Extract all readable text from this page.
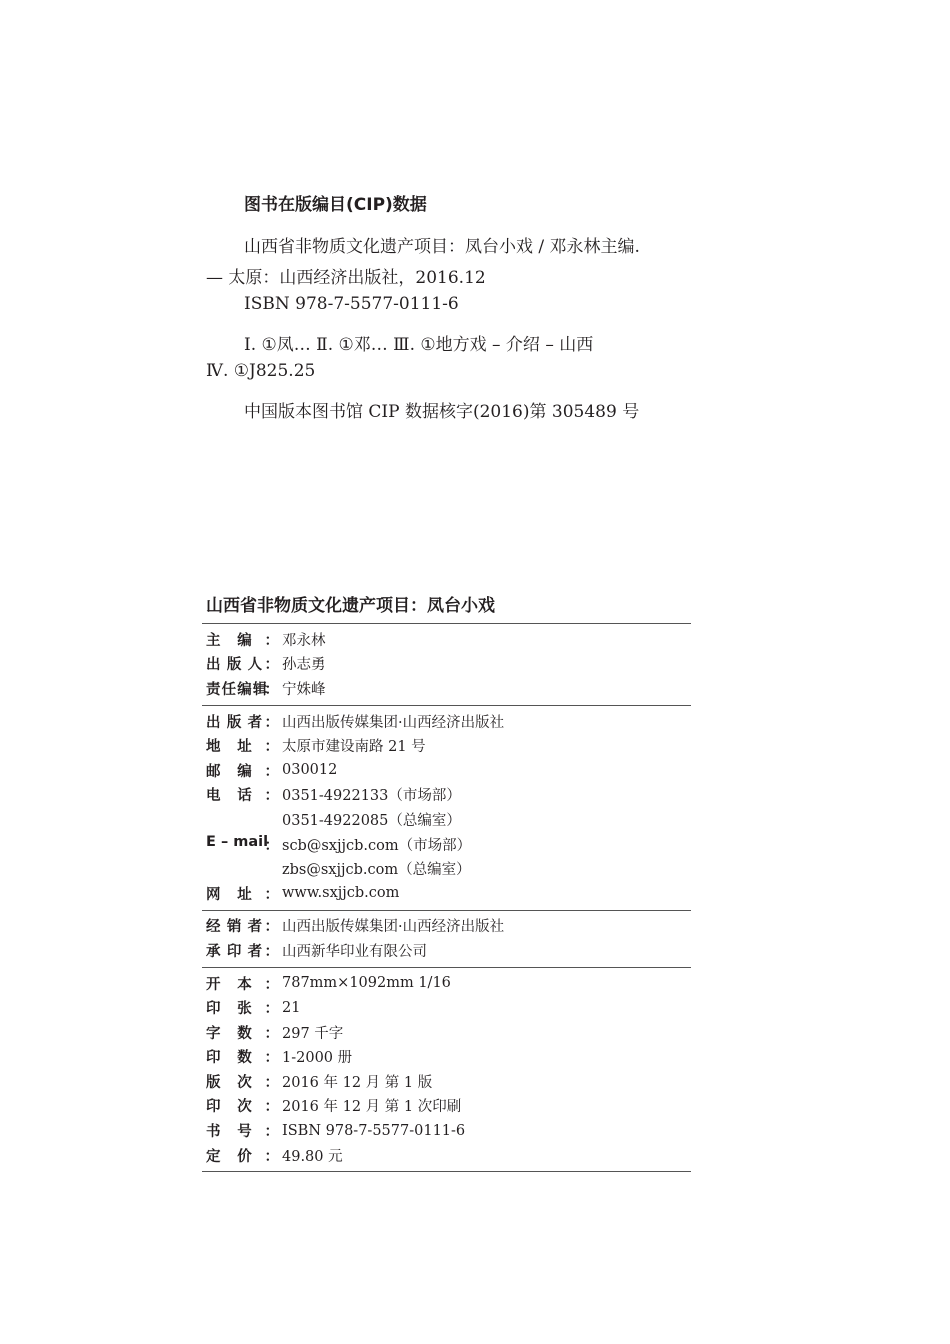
图书在版编目(CIP)数据
山西省非物质文化遗产项目：凤台小戏 / 邓永林主编.
— 太原：山西经济出版社，2016.12
ISBN 978-7-5577-0111-6
Ⅰ. ①凤… Ⅱ. ①邓… Ⅲ. ①地方戏 – 介绍 – 山西
Ⅳ. ①J825.25
中国版本图书馆 CIP 数据核字(2016)第 305489 号
山西省非物质文化遗产项目：凤台小戏
主 编 ： 邓永林
出 版 人 ： 孙志勇
责 任 编 辑
： 宁姝峰
出 版 者 ： 山西出版传媒集团·山西经济出版社
地 址 ： 太原市建设南路 21 号
邮 编 ： 030012
电 话 ： 0351-4922133（市场部）
0351-4922085（总编室）
E – mail
： scb@sxjjcb.com（市场部）
zbs@sxjjcb.com（总编室）
网 址 ： www.sxjjcb.com
经 销 者 ： 山西出版传媒集团·山西经济出版社
承 印 者 ： 山西新华印业有限公司
开 本 ： 787mm×1092mm 1/16
印 张 ： 21
字 数 ： 297 千字
印 数 ： 1-2000 册
版 次 ： 2016 年 12 月 第 1 版
印 次 ： 2016 年 12 月 第 1 次印刷
书 号 ： ISBN 978-7-5577-0111-6
定 价 ： 49.80 元
